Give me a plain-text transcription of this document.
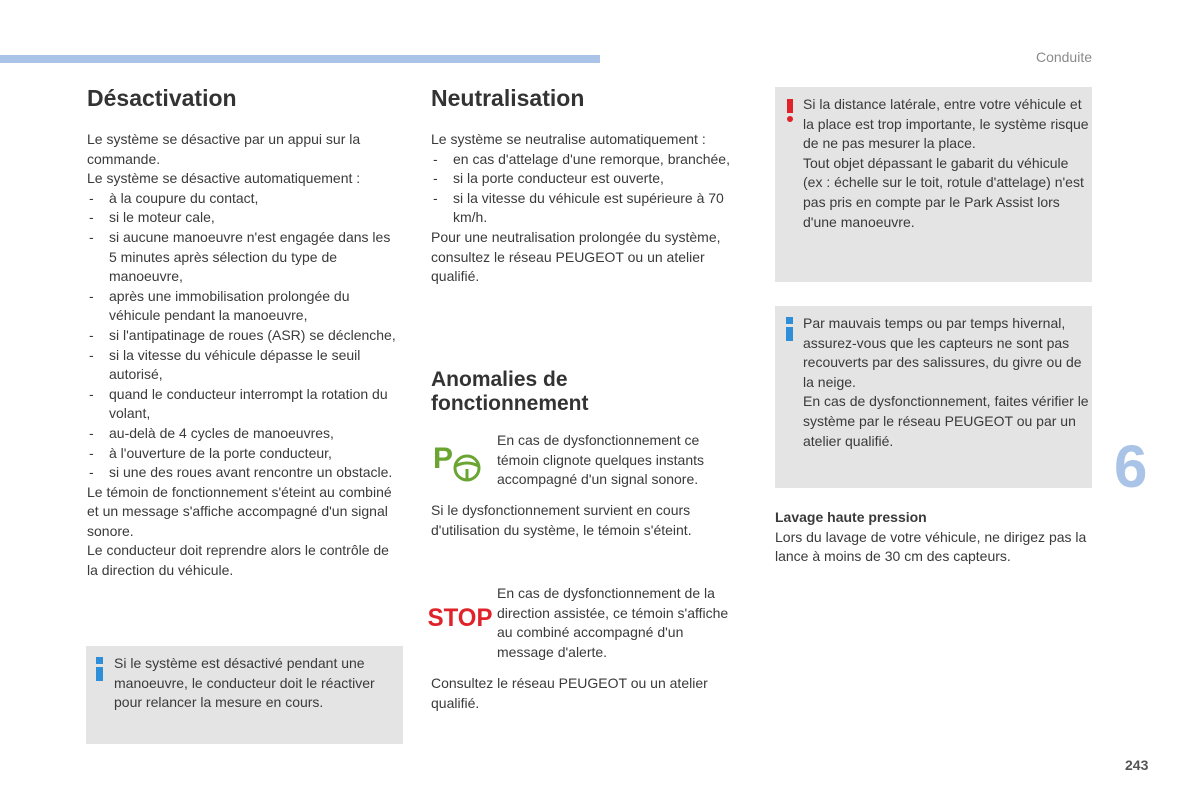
Conduite
Désactivation

Le système se désactive par un appui sur la commande.

Le système se désactive automatiquement :

- à la coupure du contact,
- si le moteur cale,
- si aucune manoeuvre n'est engagée dans les 5 minutes après sélection du type de manoeuvre,
- après une immobilisation prolongée du véhicule pendant la manoeuvre,
- si l'antipatinage de roues (ASR) se déclenche,
- si la vitesse du véhicule dépasse le seuil autorisé,
- quand le conducteur interrompt la rotation du volant,
- au-delà de 4 cycles de manoeuvres,
- à l'ouverture de la porte conducteur,
- si une des roues avant rencontre un obstacle.

Le témoin de fonctionnement s'éteint au combiné et un message s'affiche accompagné d'un signal sonore.

Le conducteur doit reprendre alors le contrôle de la direction du véhicule.

Si le système est désactivé pendant une manoeuvre, le conducteur doit le réactiver pour relancer la mesure en cours.
Neutralisation

Le système se neutralise automatiquement :

- en cas d'attelage d'une remorque, branchée,
- si la porte conducteur est ouverte,
- si la vitesse du véhicule est supérieure à 70 km/h.

Pour une neutralisation prolongée du système, consultez le réseau PEUGEOT ou un atelier qualifié.

Anomalies de
fonctionnement
P
En cas de dysfonctionnement ce témoin clignote quelques instants accompagné d'un signal sonore.
Si le dysfonctionnement survient en cours d'utilisation du système, le témoin s'éteint.
STOP
En cas de dysfonctionnement de la direction assistée, ce témoin s'affiche au combiné accompagné d'un message d'alerte.
Consultez le réseau PEUGEOT ou un atelier qualifié.

Si la distance latérale, entre votre véhicule et la place est trop importante, le système risque de ne pas mesurer la place.

Tout objet dépassant le gabarit du véhicule (ex : échelle sur le toit, rotule d'attelage) n'est pas pris en compte par le Park Assist lors d'une manoeuvre.

Par mauvais temps ou par temps hivernal, assurez-vous que les capteurs ne sont pas recouverts par des salissures, du givre ou de la neige.

En cas de dysfonctionnement, faites vérifier le système par le réseau PEUGEOT ou par un atelier qualifié.

Lavage haute pression

Lors du lavage de votre véhicule, ne dirigez pas la lance à moins de 30 cm des capteurs.

6
243
